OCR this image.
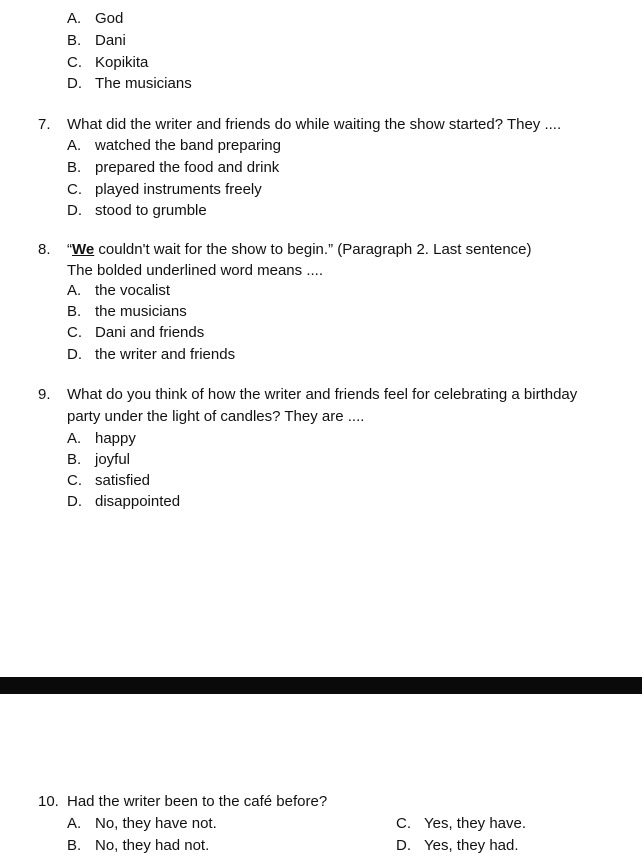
A. God
B. Dani
C. Kopikita
D. The musicians
7. What did the writer and friends do while waiting the show started? They ....
A. watched the band preparing
B. prepared the food and drink
C. played instruments freely
D. stood to grumble
8. “We couldn't wait for the show to begin.” (Paragraph 2. Last sentence)
The bolded underlined word means ....
A. the vocalist
B. the musicians
C. Dani and friends
D. the writer and friends
9. What do you think of how the writer and friends feel for celebrating a birthday
party under the light of candles? They are ....
A. happy
B. joyful
C. satisfied
D. disappointed
10. Had the writer been to the café before?
A. No, they have not.
B. No, they had not.
C. Yes, they have.
D. Yes, they had.
